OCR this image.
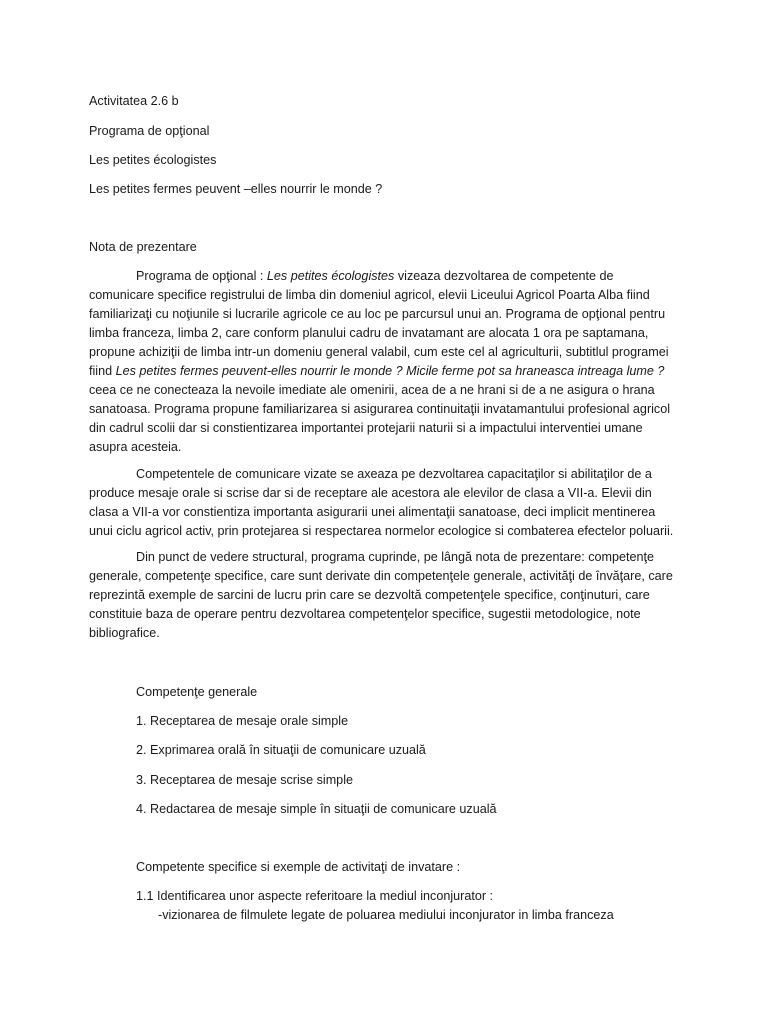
Activitatea 2.6 b

Programa de opţional

Les petites écologistes

Les petites fermes peuvent –elles nourrir le monde ?

Nota de prezentare

Programa de opţional : Les petites écologistes vizeaza dezvoltarea de competente de comunicare specifice registrului de limba din domeniul agricol, elevii Liceului Agricol Poarta Alba fiind familiarizaţi cu noţiunile si lucrarile agricole ce au loc pe parcursul unui an. Programa de opţional pentru limba franceza, limba 2, care conform planului cadru de invatamant are alocata 1 ora pe saptamana, propune achiziţii de limba intr-un domeniu general valabil, cum este cel al agriculturii, subtitlul programei fiind Les petites fermes peuvent-elles nourrir le monde ? Micile ferme pot sa hraneasca intreaga lume ? ceea ce ne conecteaza la nevoile imediate ale omenirii, acea de a ne hrani si de a ne asigura o hrana sanatoasa. Programa propune familiarizarea si asigurarea continuitaţii invatamantului profesional agricol din cadrul scolii dar si constientizarea importantei protejarii naturii si a impactului interventiei umane asupra acesteia.

Competentele de comunicare vizate se axeaza pe dezvoltarea capacitaţilor si abilitaţilor de a produce mesaje orale si scrise dar si de receptare ale acestora ale elevilor de clasa a VII-a. Elevii din clasa a VII-a vor constientiza importanta asigurarii unei alimentaţii sanatoase, deci implicit mentinerea unui ciclu agricol activ, prin protejarea si respectarea normelor ecologice si combaterea efectelor poluarii.

Din punct de vedere structural, programa cuprinde, pe lângă nota de prezentare: competenţe generale, competenţe specifice, care sunt derivate din competenţele generale, activităţi de învăţare, care reprezintă exemple de sarcini de lucru prin care se dezvoltă competenţele specifice, conţinuturi, care constituie baza de operare pentru dezvoltarea competenţelor specifice, sugestii metodologice, note bibliografice.

Competenţe generale

1. Receptarea de mesaje orale simple

2. Exprimarea orală în situaţii de comunicare uzuală

3. Receptarea de mesaje scrise simple

4. Redactarea de mesaje simple în situaţii de comunicare uzuală

Competente specifice si exemple de activitaţi de invatare :

1.1 Identificarea unor aspecte referitoare la mediul inconjurator :
-vizionarea de filmulete legate de poluarea mediului inconjurator in limba franceza
